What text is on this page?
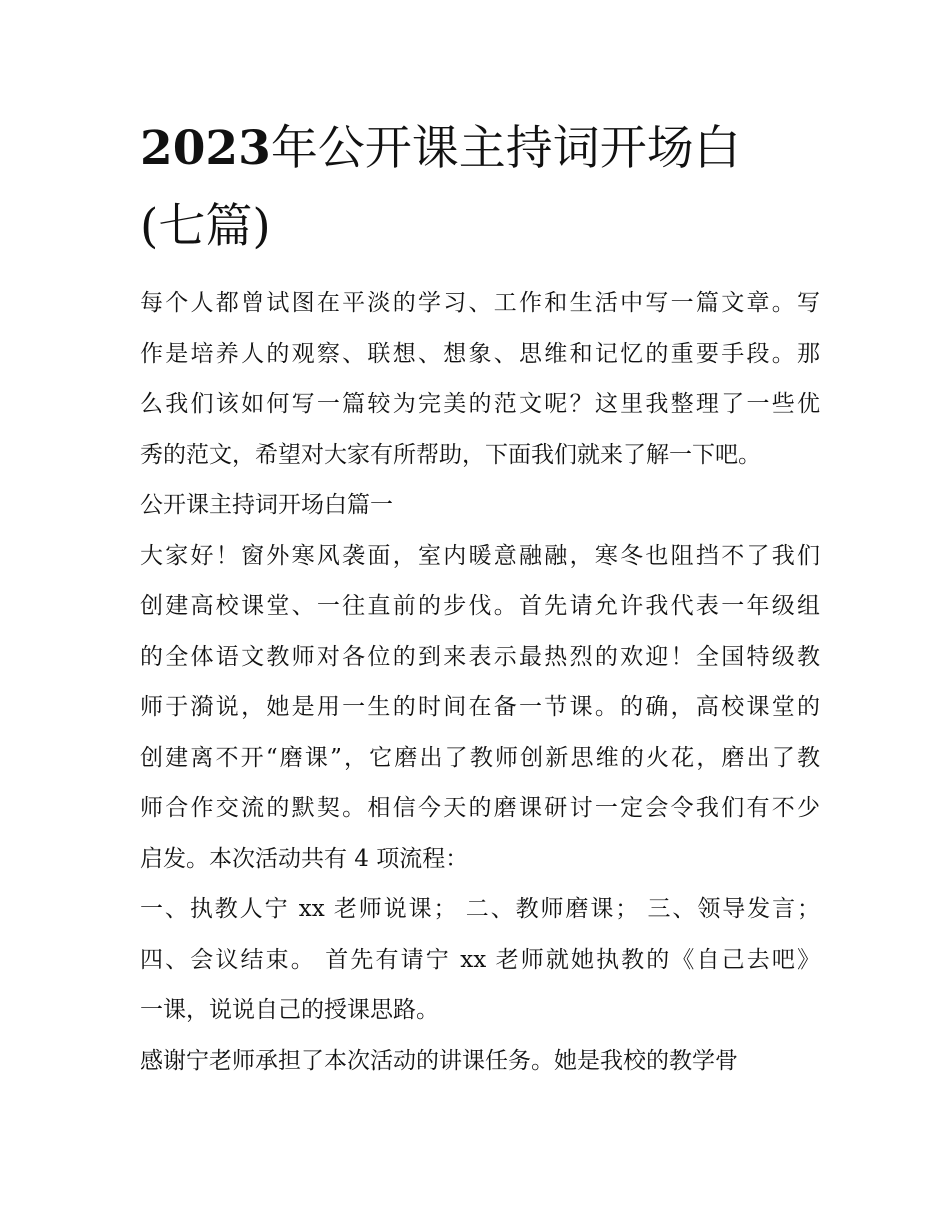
2023年公开课主持词开场白
(七篇)
每个人都曾试图在平淡的学习、工作和生活中写一篇文章。写
作是培养人的观察、联想、想象、思维和记忆的重要手段。那
么我们该如何写一篇较为完美的范文呢？这里我整理了一些优
秀的范文，希望对大家有所帮助，下面我们就来了解一下吧。
公开课主持词开场白篇一
大家好！窗外寒风袭面，室内暖意融融，寒冬也阻挡不了我们
创建高校课堂、一往直前的步伐。首先请允许我代表一年级组
的全体语文教师对各位的到来表示最热烈的欢迎！全国特级教
师于漪说，她是用一生的时间在备一节课。的确，高校课堂的
创建离不开“磨课”，它磨出了教师创新思维的火花，磨出了教
师合作交流的默契。相信今天的磨课研讨一定会令我们有不少
启发。本次活动共有 4 项流程：
一、执教人宁 xx 老师说课； 二、教师磨课； 三、领导发言；
四、会议结束。 首先有请宁 xx 老师就她执教的《自己去吧》
一课，说说自己的授课思路。
感谢宁老师承担了本次活动的讲课任务。她是我校的教学骨
